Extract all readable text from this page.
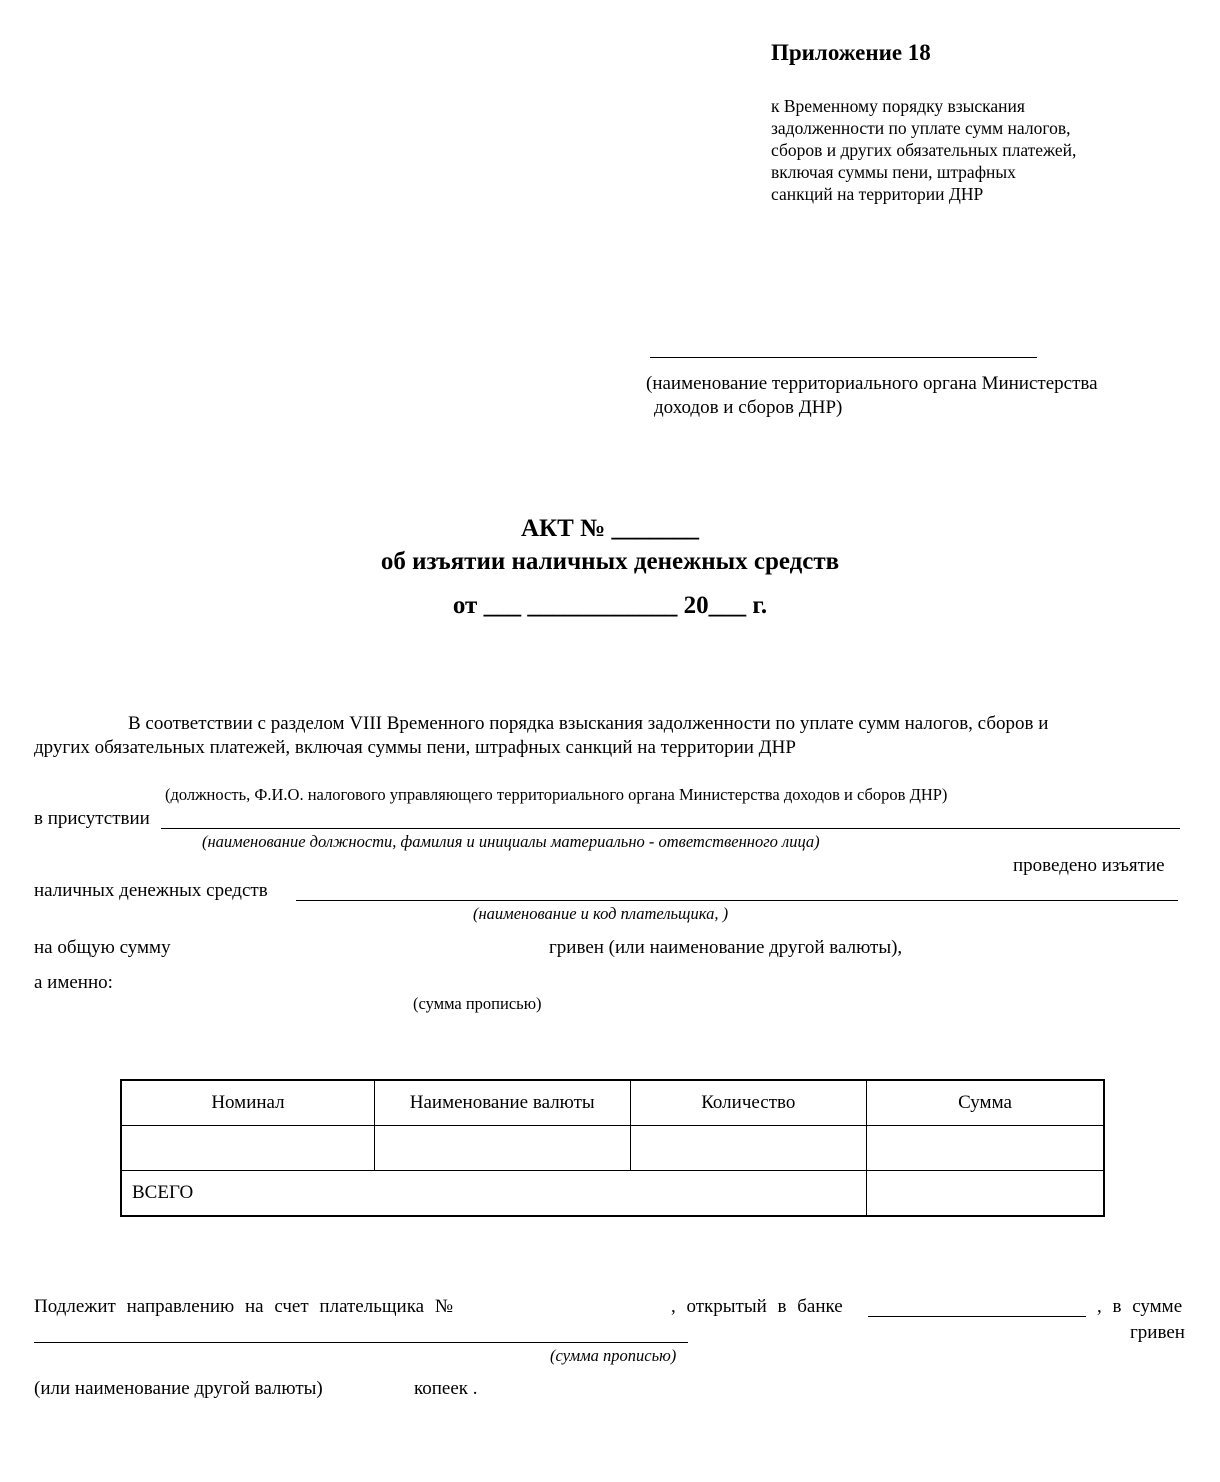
Приложение 18
к Временному порядку взыскания
задолженности по уплате сумм налогов,
сборов и других обязательных платежей,
включая суммы пени, штрафных
санкций на территории ДНР
(наименование территориального органа Министерства
доходов и сборов ДНР)
АКТ № _______
об изъятии наличных денежных средств
от ___ ____________ 20___ г.
В соответствии с разделом VIII Временного порядка взыскания задолженности по уплате сумм налогов, сборов и
других обязательных платежей, включая суммы пени, штрафных санкций на территории ДНР
(должность, Ф.И.О. налогового управляющего территориального органа Министерства доходов и сборов ДНР)
в присутствии
(наименование должности, фамилия и инициалы материально - ответственного лица)
проведено изъятие
наличных денежных средств
(наименование и код плательщика, )
на общую сумму	гривен (или наименование другой валюты),
а именно:
(сумма прописью)
Номинал	Наименование валюты	Количество	Сумма

ВСЕГО			
Подлежит направлению на счет плательщика №	, открытый в банке	, в сумме
гривен
(сумма прописью)
(или наименование другой валюты)	копеек .
